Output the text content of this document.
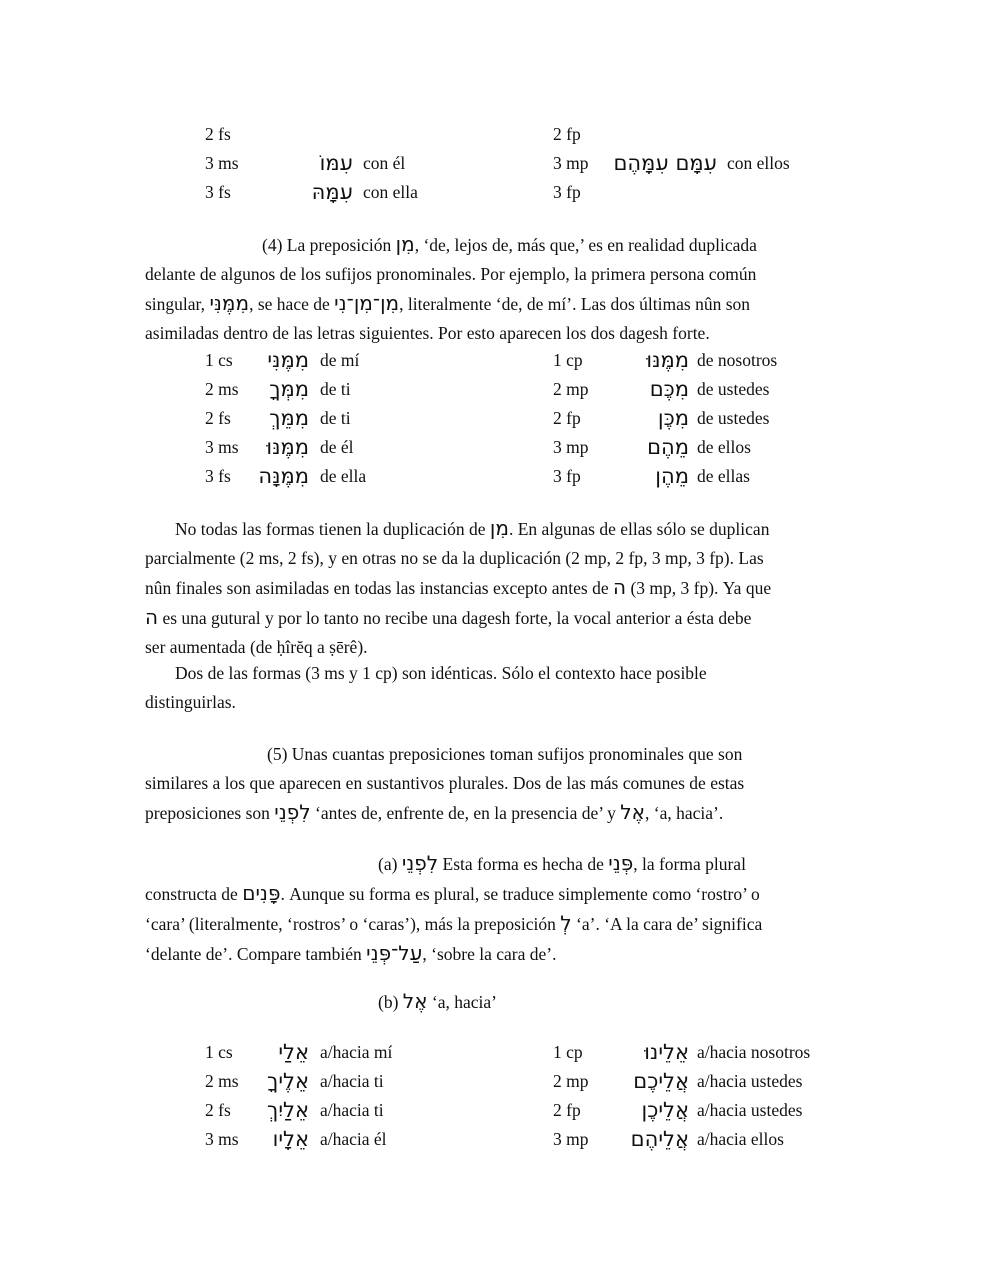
2 fs	2 fp
3 ms	עִמּוֹ con él	3 mp	עִמָּם עִמָּהֶם con ellos
3 fs	עִמָּהּ con ella	3 fp

(4) La preposición מִן, ‘de, lejos de, más que,’ es en realidad duplicada

delante de algunos de los sufijos pronominales. Por ejemplo, la primera persona común

singular, מִמֶּנִּי, se hace de מִן־מִן־נִי, literalmente ‘de, de mí’. Las dos últimas nûn son

asimiladas dentro de las letras siguientes. Por esto aparecen los dos dagesh forte.

1 cs	מִמֶּנִּי de mí	1 cp	מִמֶּנּוּ de nosotros
2 ms	מִמְּךָ de ti	2 mp	מִכֶּם de ustedes
2 fs	מִמֵּךְ de ti	2 fp	מִכֶּן de ustedes
3 ms	מִמֶּנּוּ de él	3 mp	מֵהֶם de ellos
3 fs	מִמֶּנָּה de ella	3 fp	מֵהֶן de ellas

No todas las formas tienen la duplicación de מִן. En algunas de ellas sólo se duplican

parcialmente (2 ms, 2 fs), y en otras no se da la duplicación (2 mp, 2 fp, 3 mp, 3 fp). Las

nûn finales son asimiladas en todas las instancias excepto antes de ה (3 mp, 3 fp). Ya que

ה es una gutural y por lo tanto no recibe una dagesh forte, la vocal anterior a ésta debe

ser aumentada (de ḥîrĕq a ṣērê).

Dos de las formas (3 ms y 1 cp) son idénticas. Sólo el contexto hace posible

distinguirlas.

(5) Unas cuantas preposiciones toman sufijos pronominales que son

similares a los que aparecen en sustantivos plurales. Dos de las más comunes de estas

preposiciones son לִפְנֵי ‘antes de, enfrente de, en la presencia de’ y אֶל, ‘a, hacia’.

(a) לִפְנֵי Esta forma es hecha de פְּנֵי, la forma plural

constructa de פָּנִים. Aunque su forma es plural, se traduce simplemente como ‘rostro’ o

‘cara’ (literalmente, ‘rostros’ o ‘caras’), más la preposición לְ ‘a’. ‘A la cara de’ significa

‘delante de’. Compare también עַל־פְּנֵי, ‘sobre la cara de’.

(b) אֶל ‘a, hacia’

1 cs	אֵלַי a/hacia mí	1 cp	אֵלֵינוּ a/hacia nosotros
2 ms	אֵלֶיךָ a/hacia ti	2 mp	אֲלֵיכֶם a/hacia ustedes
2 fs	אֵלַיִךְ a/hacia ti	2 fp	אֲלֵיכֶן a/hacia ustedes
3 ms	אֵלָיו a/hacia él	3 mp	אֲלֵיהֶם a/hacia ellos
